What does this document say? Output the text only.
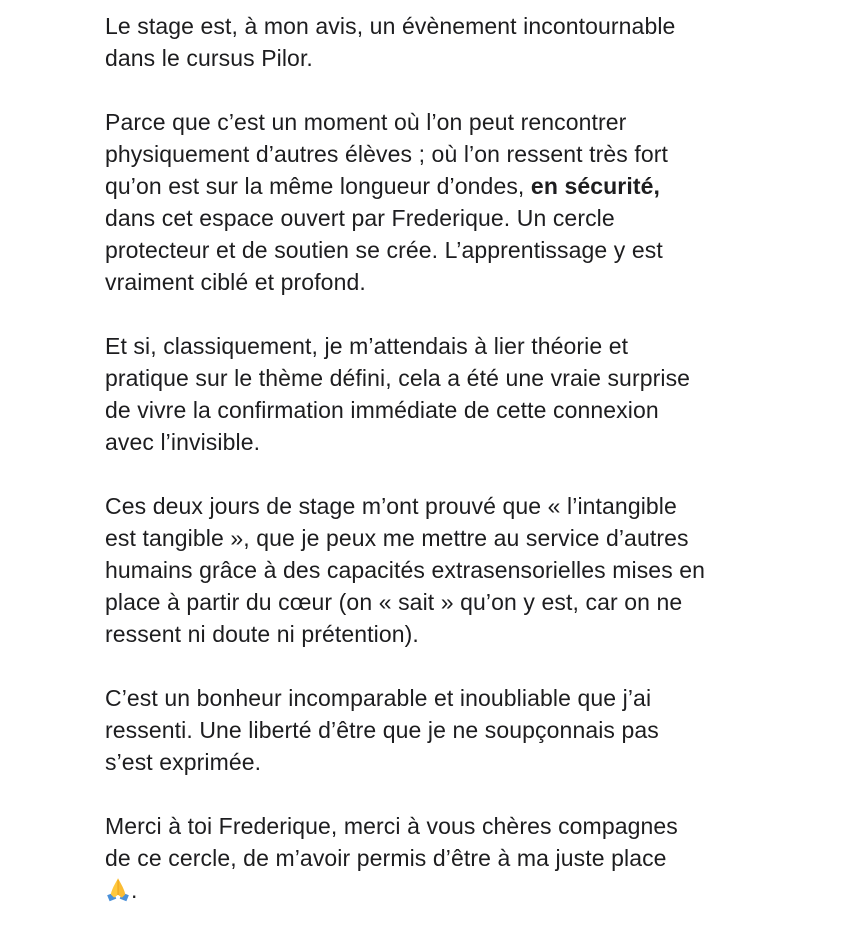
Le stage est, à mon avis, un évènement incontournable
dans le cursus Pilor.

Parce que c’est un moment où l’on peut rencontrer
physiquement d’autres élèves ; où l’on ressent très fort
qu’on est sur la même longueur d’ondes, en sécurité,
dans cet espace ouvert par Frederique. Un cercle
protecteur et de soutien se crée. L’apprentissage y est
vraiment ciblé et profond.

Et si, classiquement, je m’attendais à lier théorie et
pratique sur le thème défini, cela a été une vraie surprise
de vivre la confirmation immédiate de cette connexion
avec l’invisible.

Ces deux jours de stage m’ont prouvé que « l’intangible
est tangible », que je peux me mettre au service d’autres
humains grâce à des capacités extrasensorielles mises en
place à partir du cœur (on « sait » qu’on y est, car on ne
ressent ni doute ni prétention).

C’est un bonheur incomparable et inoubliable que j’ai
ressenti. Une liberté d’être que je ne soupçonnais pas
s’est exprimée.

Merci à toi Frederique, merci à vous chères compagnes
de ce cercle, de m’avoir permis d’être à ma juste place
.
